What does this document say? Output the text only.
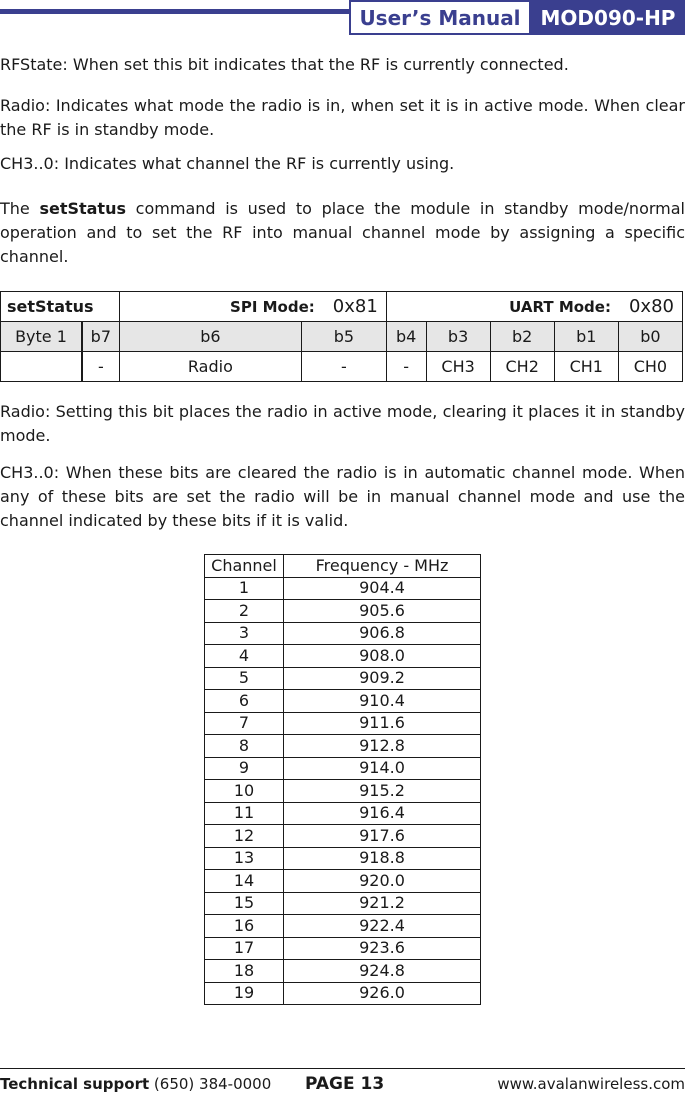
User’s Manual MOD090-HP

RFState: When set this bit indicates that the RF is currently connected.

Radio: Indicates what mode the radio is in, when set it is in active mode. When clear the RF is in standby mode.

CH3..0: Indicates what channel the RF is currently using.

The setStatus command is used to place the module in standby mode/normal operation and to set the RF into manual channel mode by assigning a specific channel.

setStatus		SPI Mode: 0x81		UART Mode: 0x80				
Byte 1	b7	b6	b5	b4	b3	b2	b1	b0
	-	Radio	-	-	CH3	CH2	CH1	CH0

Radio: Setting this bit places the radio in active mode, clearing it places it in standby mode.

CH3..0: When these bits are cleared the radio is in automatic channel mode. When any of these bits are set the radio will be in manual channel mode and use the channel indicated by these bits if it is valid.

Channel	Frequency - MHz
1	904.4
2	905.6
3	906.8
4	908.0
5	909.2
6	910.4
7	911.6
8	912.8
9	914.0
10	915.2
11	916.4
12	917.6
13	918.8
14	920.0
15	921.2
16	922.4
17	923.6
18	924.8
19	926.0
Technical support (650) 384-0000 PAGE 13	www.avalanwireless.com
